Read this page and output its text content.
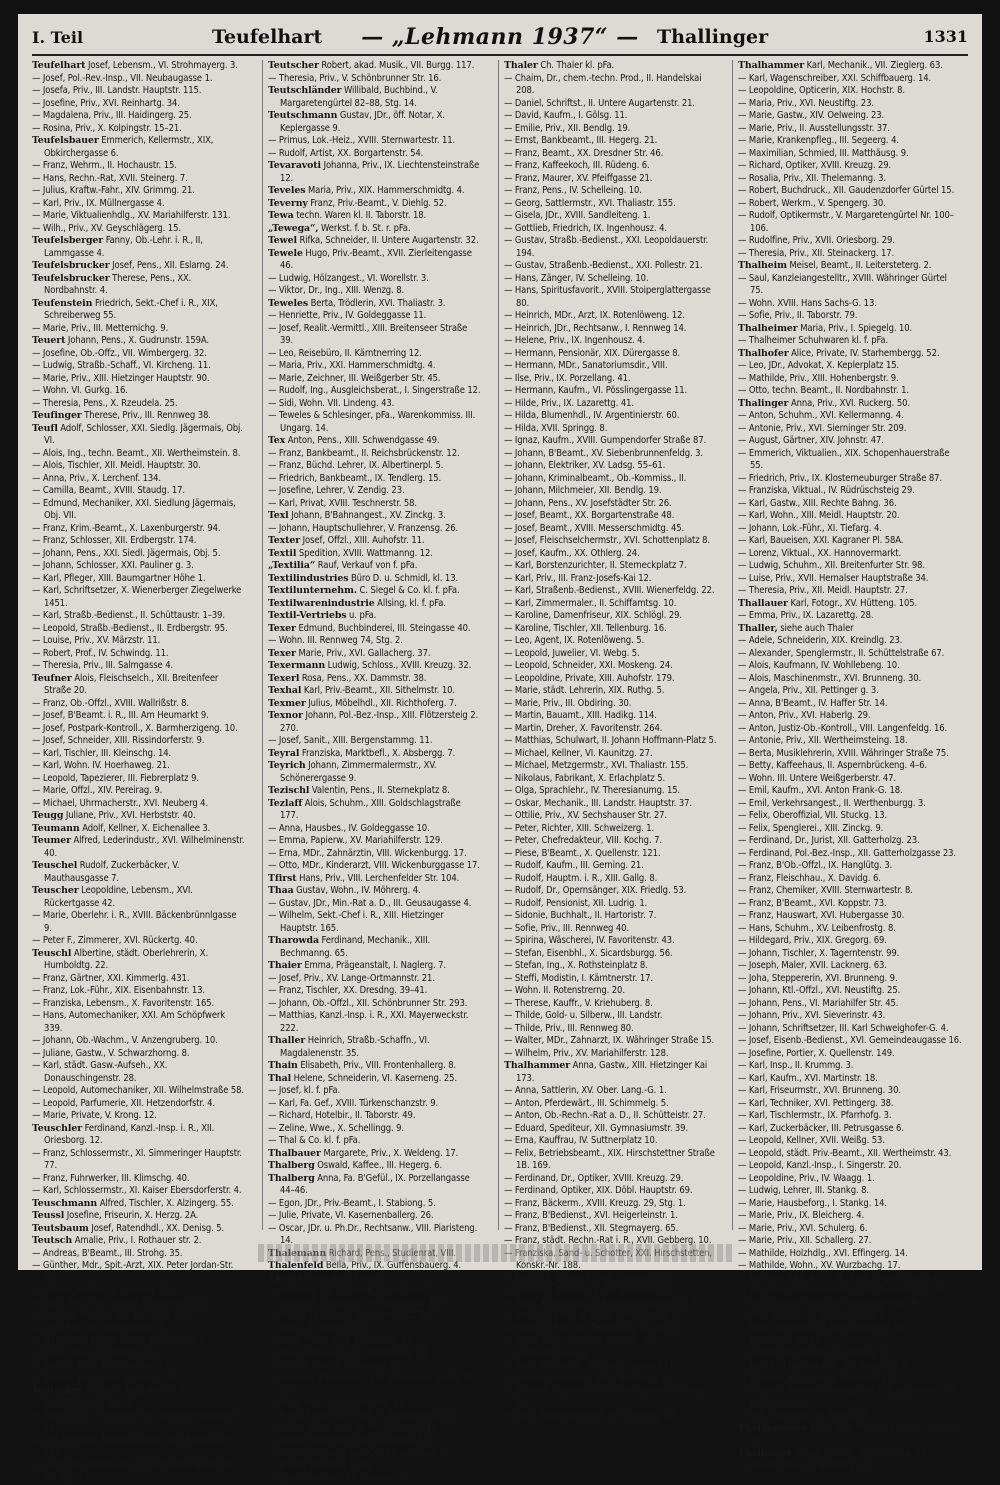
I. Teil	Teufelhart	— „Lehmann 1937“ — Thallinger	1331

Teufelhart Josef, Lebensm., VI. Strohmayerg. 3.

— Josef, Pol.-Rev.-Insp., VII. Neubaugasse 1.

— Josefa, Priv., III. Landstr. Hauptstr. 115.

— Josefine, Priv., XVI. Reinhartg. 34.

— Magdalena, Priv., III. Haidingerg. 25.

— Rosina, Priv., X. Kolpingstr. 15–21.

Teufelsbauer Emmerich, Kellermstr., XIX, Obkirchergasse 6.

— Franz, Wehrm., II. Hochaustr. 15.

— Hans, Rechn.-Rat, XVII. Steinerg. 7.

— Julius, Kraftw.-Fahr., XIV. Grimmg. 21.

— Karl, Priv., IX. Müllnergasse 4.

— Marie, Viktualienhdlg., XV. Mariahilferstr. 131.

— Wilh., Priv., XV. Geyschlägerg. 15.

Teufelsberger Fanny, Ob.-Lehr. i. R., II, Lammgasse 4.

Teufelsbrucker Josef, Pens., XII. Eslarng. 24.

Teufelsbrucker Therese, Pens., XX. Nordbahnstr. 4.

Teufenstein Friedrich, Sekt.-Chef i. R., XIX, Schreiberweg 55.

— Marie, Priv., III. Metternichg. 9.

Teuert Johann, Pens., X. Gudrunstr. 159A.

— Josefine, Ob.-Offz., VII. Wimbergerg. 32.

— Ludwig, Straßb.-Schaff., VI. Kircheng. 11.

— Marie, Priv., XIII. Hietzinger Hauptstr. 90.

— Wohn. VI. Gurkg. 16.

— Theresia, Pens., X. Rzeudela. 25.

Teufinger Therese, Priv., III. Rennweg 38.

Teufl Adolf, Schlosser, XXI. Siedlg. Jägermais, Obj. VI.

— Alois, Ing., techn. Beamt., XII. Wertheimstein. 8.

— Alois, Tischler, XII. Meidl. Hauptstr. 30.

— Anna, Priv., X. Lerchenf. 134.

— Camilla, Beamt., XVIII. Staudg. 17.

— Edmund, Mechaniker, XXI. Siedlung Jägermais, Obj. VII.

— Franz, Krim.-Beamt., X. Laxenburgerstr. 94.

— Franz, Schlosser, XII. Erdbergstr. 174.

— Johann, Pens., XXI. Siedl. Jägermais, Obj. 5.

— Johann, Schlosser, XXI. Pauliner g. 3.

— Karl, Pfleger, XIII. Baumgartner Höhe 1.

— Karl, Schriftsetzer, X. Wienerberger Ziegelwerke 1451.

— Karl, Straßb.-Bedienst., II. Schüttaustr. 1–39.

— Leopold, Straßb.-Bedienst., II. Erdbergstr. 95.

— Louise, Priv., XV. Märzstr. 11.

— Robert, Prof., IV. Schwindg. 11.

— Theresia, Priv., III. Salmgasse 4.

Teufner Alois, Fleischselch., XII. Breitenfeer Straße 20.

— Franz, Ob.-Offzl., XVIII. Wallrißstr. 8.

— Josef, B'Beamt. i. R., III. Am Heumarkt 9.

— Josef, Postpark-Kontroll., X. Barmherzigeng. 10.

— Josef, Schneider, XIII. Rissindorferstr. 9.

— Karl, Tischler, III. Kleinschg. 14.

— Karl, Wohn. IV. Hoerhaweg. 21.

— Leopold, Tapezierer, III. Fiebrerplatz 9.

— Marie, Offzl., XIV. Pereirag. 9.

— Michael, Uhrmacherstr., XVI. Neuberg 4.

Teugg Juliane, Priv., XVI. Herbststr. 40.

Teumann Adolf, Kellner, X. Eichenallee 3.

Teumer Alfred, Lederindustr., XVI. Wilhelminenstr. 40.

Teuschel Rudolf, Zuckerbäcker, V. Mauthausgasse 7.

Teuscher Leopoldine, Lebensm., XVI. Rückertgasse 42.

— Marie, Oberlehr. i. R., XVIII. Bäckenbrünnlgasse 9.

— Peter F., Zimmerer, XVI. Rückertg. 40.

Teuschl Albertine, städt. Oberlehrerin, X. Humboldtg. 22.

— Franz, Gärtner, XXI. Kimmerlg. 431.

— Franz, Lok.-Führ., XIX. Eisenbahnstr. 13.

— Franziska, Lebensm., X. Favoritenstr. 165.

— Hans, Automechaniker, XXI. Am Schöpfwerk 339.

— Johann, Ob.-Wachm., V. Anzengruberg. 10.

— Juliane, Gastw., V. Schwarzhorng. 8.

— Karl, städt. Gasw.-Aufseh., XX. Donauschingenstr. 28.

— Leopold, Automechaniker, XII. Wilhelmstraße 58.

— Leopold, Parfumerie, XII. Hetzendorfstr. 4.

— Marie, Private, V. Krong. 12.

Teuschler Ferdinand, Kanzl.-Insp. i. R., XII. Oriesborg. 12.

— Franz, Schlossermstr., XI. Simmeringer Hauptstr. 77.

— Franz, Fuhrwerker, III. Klimschg. 40.

— Karl, Schlossermstr., XI. Kaiser Ebersdorferstr. 4.

Teuschmann Alfred, Tischler, X. Alzingerg. 55.

Teussl Josefine, Friseurin, X. Herzg. 2A.

Teutsbaum Josef, Ratendhdl., XX. Denisg. 5.

Teutsch Amalie, Priv., I. Rothauer str. 2.

— Andreas, B'Beamt., III. Strohg. 35.

— Günther, Mdr., Spit.-Arzt, XIX. Peter Jordan-Str. 82.

— Johann, Kaufm., V. Garteng. 18.

— Josef, Priv., XIX. Gustav Tschermakg. 28.

— Laurenz, Maurer, XVI. Habicherg. 23.

— Liesl, Priv., VI. Sonnenuhrg. 4.

— Margarete, Beamt., XVIII. Kutschkerg. 7.

— Marie, Priv., VI. Kollerstr. 18.

— Pauline, Priv., III. Reisnerstr. 18.

— Wenzel, Kapuziner, III. Hetzg. 26.

Teutscher Friedrich, Kap.-Amstr., V. Schönbrunner Str. 16.

— Heinrich, Dr., Chemiker, VII. Schottenfeldgasse 26.

— sen. Heinrich, Musikschulinh., VIII. Burggasse 117.

— Josef, bef. Zahntechn., V. Margaretengürtel 82–88, Stg. 14.

Teutscher Robert, akad. Musik., VII. Burgg. 117.

— Theresia, Priv., V. Schönbrunner Str. 16.

Teutschländer Willibald, Buchbind., V. Margaretengürtel 82–88, Stg. 14.

Teutschmann Gustav, JDr., öff. Notar, X. Keplergasse 9.

— Primus, Lok.-Heiz., XVIII. Sternwartestr. 11.

— Rudolf, Artist, XX. Borgartenstr. 54.

Tevaravoti Johanna, Priv., IX. Liechtensteinstraße 12.

Teveles Maria, Priv., XIX. Hammerschmidtg. 4.

Teverny Franz, Priv.-Beamt., V. Diehlg. 52.

Tewa techn. Waren kl. II. Taborstr. 18.

„Tewega“, Werkst. f. b. St. r. pFa.

Tewel Rifka, Schneider, II. Untere Augartenstr. 32.

Tewele Hugo, Priv.-Beamt., XVII. Zierleitengasse 46.

— Ludwig, Hölzangest., VI. Worellstr. 3.

— Viktor, Dr., Ing., XIII. Wenzg. 8.

Teweles Berta, Trödlerin, XVI. Thaliastr. 3.

— Henriette, Priv., IV. Goldeggasse 11.

— Josef, Realit.-Vermittl., XIII. Breitenseer Straße 39.

— Leo, Reisebüro, II. Kärntnerring 12.

— Maria, Priv., XXI. Hammerschmidtg. 4.

— Marie, Zeichner, III. Weißgerber Str. 45.

— Rudolf, Ing., Ausgleichsberat., I. Singerstraße 12.

— Sidi, Wohn. VII. Lindeng. 43.

— Teweles & Schlesinger, pFa., Warenkommiss. III. Ungarg. 14.

Tex Anton, Pens., XIII. Schwendgasse 49.

— Franz, Bankbeamt., II. Reichsbrückenstr. 12.

— Franz, Büchd. Lehrer, IX. Albertinerpl. 5.

— Friedrich, Bankbeamt., IX. Tendlerg. 15.

— Josefine, Lehrer, V. Zendig. 23.

— Karl, Privat, XVIII. Teschnerstr. 58.

Texl Johann, B'Bahnangest., XV. Zinckg. 3.

— Johann, Hauptschullehrer, V. Franzensg. 26.

Texter Josef, Offzl., XIII. Auhofstr. 11.

Textil Spedition, XVIII. Wattmanng. 12.

„Textilia“ Rauf, Verkauf von f. pFa.

Textilindustries Büro D. u. Schmidl, kl. 13.

Textilunternehm. C. Siegel & Co. kl. f. pFa.

Textilwarenindustrie Allsing, kl. f. pFa.

Textil-Vertriebs u. pFa.

Texer Edmund, Buchbinderei, III. Steingasse 40.

— Wohn. III. Rennweg 74, Stg. 2.

Texer Marie, Priv., XVI. Gallacherg. 37.

Texermann Ludwig, Schloss., XVIII. Kreuzg. 32.

Texerl Rosa, Pens., XX. Dammstr. 38.

Texhal Karl, Priv.-Beamt., XII. Sithelmstr. 10.

Texmer Julius, Möbelhdl., XII. Richthoferg. 7.

Texnor Johann, Pol.-Bez.-Insp., XIII. Flötzersteig 2. 270.

— Josef, Sanit., XIII. Bergenstammg. 11.

Teyral Franziska, Marktbefl., X. Absbergg. 7.

Teyrich Johann, Zimmermalermstr., XV. Schönerergasse 9.

Tezischl Valentin, Pens., II. Sternekplatz 8.

Tezlaff Alois, Schuhm., XIII. Goldschlagstraße 177.

— Anna, Hausbes., IV. Goldeggasse 10.

— Emma, Papierw., XV. Mariahilferstr. 129.

— Erna, MDr., Zahnärztin, VIII. Wickenburgg. 17.

— Otto, MDr., Kinderarzt, VIII. Wickenburggasse 17.

Tfirst Hans, Priv., VIII. Lerchenfelder Str. 104.

Thaa Gustav, Wohn., IV. Möhrerg. 4.

— Gustav, JDr., Min.-Rat a. D., III. Geusaugasse 4.

— Wilhelm, Sekt.-Chef i. R., XIII. Hietzinger Hauptstr. 165.

Tharowda Ferdinand, Mechanik., XIII. Bechmanng. 65.

Thaier Emma, Prägeanstalt, I. Naglerg. 7.

— Josef, Priv., XV. Lange-Ortmannstr. 21.

— Franz, Tischler, XX. Dresdng. 39–41.

— Johann, Ob.-Offzl., XII. Schönbrunner Str. 293.

— Matthias, Kanzl.-Insp. i. R., XXI. Mayerweckstr. 222.

Thaller Heinrich, Straßb.-Schaffn., VI. Magdalenenstr. 35.

Thain Elisabeth, Priv., VIII. Frontenhallerg. 8.

Thal Helene, Schneiderin, VI. Kaserneng. 25.

— Josef, kl. f. pFa.

— Karl, Fa. Gef., XVIII. Türkenschanzstr. 9.

— Richard, Hotelbir., II. Taborstr. 49.

— Zeline, Wwe., X. Schellingg. 9.

— Thal & Co. kl. f. pFa.

Thalbauer Margarete, Priv., X. Weldeng. 17.

Thalberg Oswald, Kaffee., III. Hegerg. 6.

Thalberg Anna, Fa. B'Gefül., IX. Porzellangasse 44–46.

— Egon, JDr., Priv.-Beamt., I. Stabiong. 5.

— Julie, Private, VI. Kasernenballerg. 26.

— Oscar, JDr. u. Ph.Dr., Rechtsanw., VIII. Piaristeng. 14.

Thalemann Richard, Pens., Studienrat, VIII.

Thalenfeld Bella, Priv., IX. Guffensbauerg. 4.

Thaler, siehe auch Thaller

— Abraham, Ch., Chemik., II. Im Werd 7.

— Abraham, Schlosser, XI. Handelskai 210.

— Albine, Lebensm., III. Fiebrerplatz 4–5.

— Wohn. III. Hegerg. 21.

— Alois, Pens., XVIII. Basteiweg. 77.

— Alois, Schlosser, XXI. Bernsteing. 24.

— Amalie, Priv., II. Benediger Au 1.

— Andreas, B'Bedienst., VIII. Margaretengürtel 76–80.

— Anna, Priv., X. Senefelderg. 42.

— Anna, Telegr.-Ob.-Offzl., V. Ziegelofeng. 21.

— Anton, Drechsler, XII. Premlehnerg. 15.

— Anton, Schneider, XVIII. Aumeng. 80.

— Arthur, Schausteller, XXII. Hirschfeldg. 207.

— Brüder Thaler kl. f. pFa.

— Carl, Lebensm., XV. Geibelg. 24.

Thaler Ch. Thaler kl. pFa.

— Chaim, Dr., chem.-techn. Prod., II. Handelskai 208.

— Daniel, Schriftst., II. Untere Augartenstr. 21.

— David, Kaufm., I. Gölsg. 11.

— Emilie, Priv., XII. Bendlg. 19.

— Ernst, Bankbeamt., III. Hegerg. 21.

— Franz, Beamt., XX. Dresdner Str. 46.

— Franz, Kaffeekoch, III. Rüdeng. 6.

— Franz, Maurer, XV. Pfeiffgasse 21.

— Franz, Pens., IV. Schelleing. 10.

— Georg, Sattlermstr., XVI. Thaliastr. 155.

— Gisela, JDr., XVIII. Sandleiteng. 1.

— Gottlieb, Friedrich, IX. Ingenhousz. 4.

— Gustav, Straßb.-Bedienst., XXI. Leopoldauerstr. 194.

— Gustav, Straßenb.-Bedienst., XXI. Pollestr. 21.

— Hans, Zänger, IV. Schelleing. 10.

— Hans, Spiritusfavorit., XVIII. Stoiperglattergasse 80.

— Heinrich, MDr., Arzt, IX. Rotenlöweng. 12.

— Heinrich, JDr., Rechtsanw., I. Rennweg 14.

— Helene, Priv., IX. Ingenhousz. 4.

— Hermann, Pensionär, XIX. Dürergasse 8.

— Hermann, MDr., Sanatoriumsdir., VIII.

— Ilse, Priv., IX. Porzellang. 41.

— Hermann, Kaufm., VI. Pösslingergasse 11.

— Hilde, Priv., IX. Lazarettg. 41.

— Hilda, Blumenhdl., IV. Argentinierstr. 60.

— Hilda, XVII. Springg. 8.

— Ignaz, Kaufm., XVIII. Gumpendorfer Straße 87.

— Johann, B'Beamt., XV. Siebenbrunnenfeldg. 3.

— Johann, Elektriker, XV. Ladsg. 55–61.

— Johann, Kriminalbeamt., Ob.-Kommiss., II.

— Johann, Milchmeier, XII. Bendlg. 19.

— Johann, Pens., XV. Josefstädter Str. 26.

— Josef, Beamt., XX. Borgartenstraße 48.

— Josef, Beamt., XVIII. Messerschmidtg. 45.

— Josef, Fleischselchermstr., XVI. Schottenplatz 8.

— Josef, Kaufm., XX. Othlerg. 24.

— Karl, Borstenzurichter, II. Sterneckplatz 7.

— Karl, Priv., III. Franz-Josefs-Kai 12.

— Karl, Straßenb.-Bedienst., XVIII. Wienerfeldg. 22.

— Karl, Zimmermaler., II. Schiffamtsg. 10.

— Karoline, Damenfriseur, XIX. Schlögl. 29.

— Karoline, Tischler, XII. Tellenburg. 16.

— Leo, Agent, IX. Rotenlöweng. 5.

— Leopold, Juwelier, VI. Webg. 5.

— Leopold, Schneider, XXI. Moskeng. 24.

— Leopoldine, Private, XIII. Auhofstr. 179.

— Marie, städt. Lehrerin, XIX. Ruthg. 5.

— Marie, Priv., III. Obdiring. 30.

— Martin, Bauamt., XIII. Hadikg. 114.

— Martin, Dreher, X. Favoritenstr. 264.

— Matthias, Schulwart, II. Johann Hoffmann-Platz 5.

— Michael, Kellner, VI. Kaunitzg. 27.

— Michael, Metzgermstr., XVI. Thaliastr. 155.

— Nikolaus, Fabrikant, X. Erlachplatz 5.

— Olga, Sprachlehr., IV. Theresianumg. 15.

— Oskar, Mechanik., III. Landstr. Hauptstr. 37.

— Ottilie, Priv., XV. Sechshauser Str. 27.

— Peter, Richter, XIII. Schweizerg. 1.

— Peter, Chefredakteur, VIII. Kochg. 7.

— Piese, B'Beamt., X. Quellenstr. 121.

— Rudolf, Kaufm., III. Gerning. 21.

— Rudolf, Hauptm. i. R., XIII. Gallg. 8.

— Rudolf, Dr., Opernsänger, XIX. Friedlg. 53.

— Rudolf, Pensionist, XII. Ludrig. 1.

— Sidonie, Buchhalt., II. Hartoristr. 7.

— Sofie, Priv., III. Rennweg 40.

— Spirina, Wäscherei, IV. Favoritenstr. 43.

— Stefan, Eisenbhl., X. Sicardsburgg. 56.

— Stefan, Ing., X. Rothsteinplatz 8.

— Steffi, Modistin, I. Kärntnerstr. 17.

— Wohn. II. Rotenstrerng. 20.

— Therese, Kauffr., V. Kriehuberg. 8.

— Thilde, Gold- u. Silberw., III. Landstr.

— Thilde, Priv., III. Rennweg 80.

— Walter, MDr., Zahnarzt, IX. Währinger Straße 15.

— Wilhelm, Priv., XV. Mariahilferstr. 128.

Thalhammer Anna, Gastw., XIII. Hietzinger Kai 173.

— Anna, Sattlerin, XV. Ober. Lang.-G. 1.

— Anton, Pferdewärt., III. Schimmelg. 5.

— Anton, Ob.-Rechn.-Rat a. D., II. Schütteistr. 27.

— Eduard, Spediteur, XII. Gymnasiumstr. 39.

— Erna, Kauffrau, IV. Suttnerplatz 10.

— Felix, Betriebsbeamt., XIX. Hirschstettner Straße 1B. 169.

— Ferdinand, Dr., Optiker, XVIII. Kreuzg. 29.

— Ferdinand, Optiker, XIX. Döbl. Hauptstr. 69.

— Franz, Bäckerm., XVIII. Kreuzg. 29, Stg. 1.

— Franz, B'Bedienst., XVI. Heigerleinstr. 1.

— Franz, B'Bedienst., XII. Stegmayerg. 65.

— Franz, städt. Rechn.-Rat i. R., XVII. Gebberg. 10.

— Franziska, Sand- u. Schotter, XXI. Hirschstetten, Konskr.-Nr. 188.

— Friedrich, B'Beamt., XVI. Thaliastr. 10.

— Friedrich, Wachm., X. Tur Simmerin 21.

— Hans, Kaffeehaus, V. Reinprechtsdorferstr. 3.

— Heinrich, Meier a. D., IV. Suttnerplatz 10.

— Heinrich, Priv., XII. Tandruckg. 24, Stg. 2.

— Ignaz, Postwachamts-Kontroll., XII. Hermanngasse 4.

— Josef, Pensionist, XIII. Haglergasse 161.

— Johann, Buchbind., XVIII. Heheimg. 18.

— Johanna, Gastwirtin, XIV. (XV.) Braunhirscheng. 38.

— Josef, Wagenschmied, XIV. Lehnerg. 12.

Thalhammer Karl, Mechanik., VII. Zieglerg. 63.

— Karl, Wagenschreiber, XXI. Schiffbauerg. 14.

— Leopoldine, Opticerin, XIX. Hochstr. 8.

— Maria, Priv., XVI. Neustiftg. 23.

— Marie, Gastw., XIV. Oelweing. 23.

— Marie, Priv., II. Ausstellungsstr. 37.

— Marie, Krankenpfleg., III. Segeerg. 4.

— Maximilian, Schmied, III. Matthäusg. 9.

— Richard, Optiker, XVIII. Kreuzg. 29.

— Rosalia, Priv., XII. Thelemanng. 3.

— Robert, Buchdruck., XII. Gaudenzdorfer Gürtel 15.

— Robert, Werkm., V. Spengerg. 30.

— Rudolf, Optikermstr., V. Margaretengürtel Nr. 100–106.

— Rudolfine, Priv., XVII. Oriesborg. 29.

— Theresia, Priv., XII. Steinackerg. 17.

Thalheim Meisel, Beamt., II. Leitersteterg. 2.

— Saul, Kanzleiangestelltr., XVIII. Währinger Gürtel 75.

— Wohn. XVIII. Hans Sachs-G. 13.

— Sofie, Priv., II. Taborstr. 79.

Thalheimer Maria, Priv., I. Spiegelg. 10.

— Thalheimer Schuhwaren kl. f. pFa.

Thalhofer Alice, Private, IV. Starhembergg. 52.

— Leo, JDr., Advokat, X. Keplerplatz 15.

— Mathilde, Priv., XIII. Hohenbergstr. 9.

— Otto, techn. Beamt., II. Nordbahnstr. 1.

Thalinger Anna, Priv., XVI. Ruckerg. 50.

— Anton, Schuhm., XVI. Kellermanng. 4.

— Antonie, Priv., XVI. Sierninger Str. 209.

— August, Gärtner, XIV. Johnstr. 47.

— Emmerich, Viktualien., XIX. Schopenhauerstraße 55.

— Friedrich, Priv., IX. Klosterneuburger Straße 87.

— Franziska, Viktual., IV. Rüdrüschsteig 29.

— Karl, Gastw., XIII. Rechte Bahng. 36.

— Karl, Wohn., XIII. Meidl. Hauptstr. 20.

— Johann, Lok.-Führ., XI. Tiefarg. 4.

— Karl, Baueisen, XXI. Kagraner Pl. 58A.

— Lorenz, Viktual., XX. Hannovermarkt.

— Ludwig, Schuhm., XII. Breitenfurter Str. 98.

— Luise, Priv., XVII. Hernalser Hauptstraße 34.

— Theresia, Priv., XII. Meidl. Hauptstr. 27.

Thallauer Karl, Fotogr., XV. Hütteng. 105.

— Emma, Priv., IX. Lazarettg. 28.

Thaller, siehe auch Thaler

— Adele, Schneiderin, XIX. Kreindlg. 23.

— Alexander, Spenglermstr., II. Schüttelstraße 67.

— Alois, Kaufmann, IV. Wohllebeng. 10.

— Alois, Maschinenmstr., XVI. Brunneng. 30.

— Angela, Priv., XII. Pettinger g. 3.

— Anna, B'Beamt., IV. Haffer Str. 14.

— Anton, Priv., XVI. Haberlg. 29.

— Anton, Justiz-Ob.-Kontroll., VIII. Langenfeldg. 16.

— Antonie, Priv., XII. Wertheimsteing. 18.

— Berta, Musiklehrerin, XVIII. Währinger Straße 75.

— Betty, Kaffeehaus, II. Aspernbrückeng. 4–6.

— Wohn. III. Untere Weißgerberstr. 47.

— Emil, Kaufm., XVI. Anton Frank-G. 18.

— Emil, Verkehrsangest., II. Werthenburgg. 3.

— Felix, Oberoffizial, VII. Stuckg. 13.

— Felix, Spenglerei., XIII. Zinckg. 9.

— Ferdinand, Dr., Jurist, XII. Gatterholzg. 23.

— Ferdinand, Pol.-Bez.-Insp., XII. Gatterholzgasse 23.

— Franz, B'Ob.-Offzl., IX. Hanglütg. 3.

— Franz, Fleischhau., X. Davidg. 6.

— Franz, Chemiker, XVIII. Sternwartestr. 8.

— Franz, B'Beamt., XVI. Koppstr. 73.

— Franz, Hauswart, XVI. Hubergasse 30.

— Hans, Schuhm., XV. Leibenfrostg. 8.

— Hildegard, Priv., XIX. Gregorg. 69.

— Johann, Tischler, X. Tagerntenstr. 99.

— Joseph, Maler, XVII. Lacknerg. 63.

— Joha, Steppererin, XVI. Brunneng. 9.

— Johann, Ktl.-Offzl., XVI. Neustiftg. 25.

— Johann, Pens., VI. Mariahilfer Str. 45.

— Johann, Priv., XVI. Sieverinstr. 43.

— Johann, Schriftsetzer, III. Karl Schweighofer-G. 4.

— Josef, Eisenb.-Bedienst., XVI. Gemeindeaugasse 16.

— Josefine, Portier, X. Quellenstr. 149.

— Karl, Insp., II. Krummg. 3.

— Karl, Kaufm., XVI. Martinstr. 18.

— Karl, Friseurmstr., XVI. Brunneng. 30.

— Karl, Techniker, XVI. Pettingerg. 38.

— Karl, Tischlermstr., IX. Pfarrhofg. 3.

— Karl, Zuckerbäcker, III. Petrusgasse 6.

— Leopold, Kellner, XVII. Weißg. 53.

— Leopold, städt. Priv.-Beamt., XII. Wertheimstr. 43.

— Leopold, Kanzl.-Insp., I. Singerstr. 20.

— Leopoldine, Priv., IV. Waagg. 1.

— Ludwig, Lehrer, III. Stankg. 8.

— Marie, Hausbeforg., I. Stankg. 14.

— Marie, Priv., IX. Bleicherg. 4.

— Marie, Priv., XVI. Schulerg. 6.

— Marie, Priv., XII. Schallerg. 27.

— Mathilde, Holzhdlg., XVI. Effingerg. 14.

— Mathilde, Wohn., XV. Wurzbachg. 17.

— Mathilde, Min.-Abt. i. R., XVIII. Jörgerstraße 49.

— Matthias, Antreichermstr., XVII. Rotterburgg. 10.

— Otto, Gastw., XVIII. Joh.-Nep.-Vogl-Platz 4.

— Otto, Beamt., IX. Kinderspitalg. 4.

— Rosa, Spezialistin f. Kunststopferei, VII. Mariahilferstr. 14.

— Rudolf, Pol.-Wachm., III. Münzg. 9.

— Rudolf, B'Bahnbeamt., XV. Gallainstr. 9.

— Theobor, Kutscher, X. Bernhardtg. 5.

— Wilhelm, Kammerschauspieler a. Burgtheater, XIX. Rodlergasse 7.

— Willi, Kommiss., XI. Pohlg. 13.

Thallhammer Ferdinand, Friseur, X. Quellenstraße 29.

Thallinger Alfred, Vertret., XI. Herbortg. 29.

— Amalie, Priv., XI. Herbortg. 29.
